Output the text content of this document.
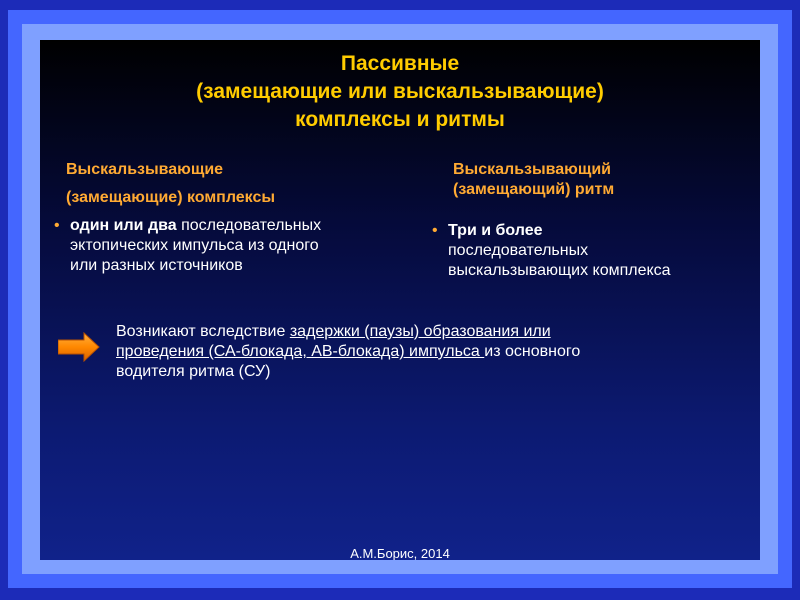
Пассивные
(замещающие или выскальзывающие)
комплексы и ритмы
Выскальзывающие
(замещающие) комплексы
Выскальзывающий
(замещающий) ритм
• один или два последовательных
эктопических импульса из одного
или разных источников
• Три и более
последовательных
выскальзывающих комплекса
Возникают вследствие задержки (паузы) образования или
проведения (СА-блокада, АВ-блокада) импульса из основного
водителя ритма (СУ)
А.М.Борис, 2014
